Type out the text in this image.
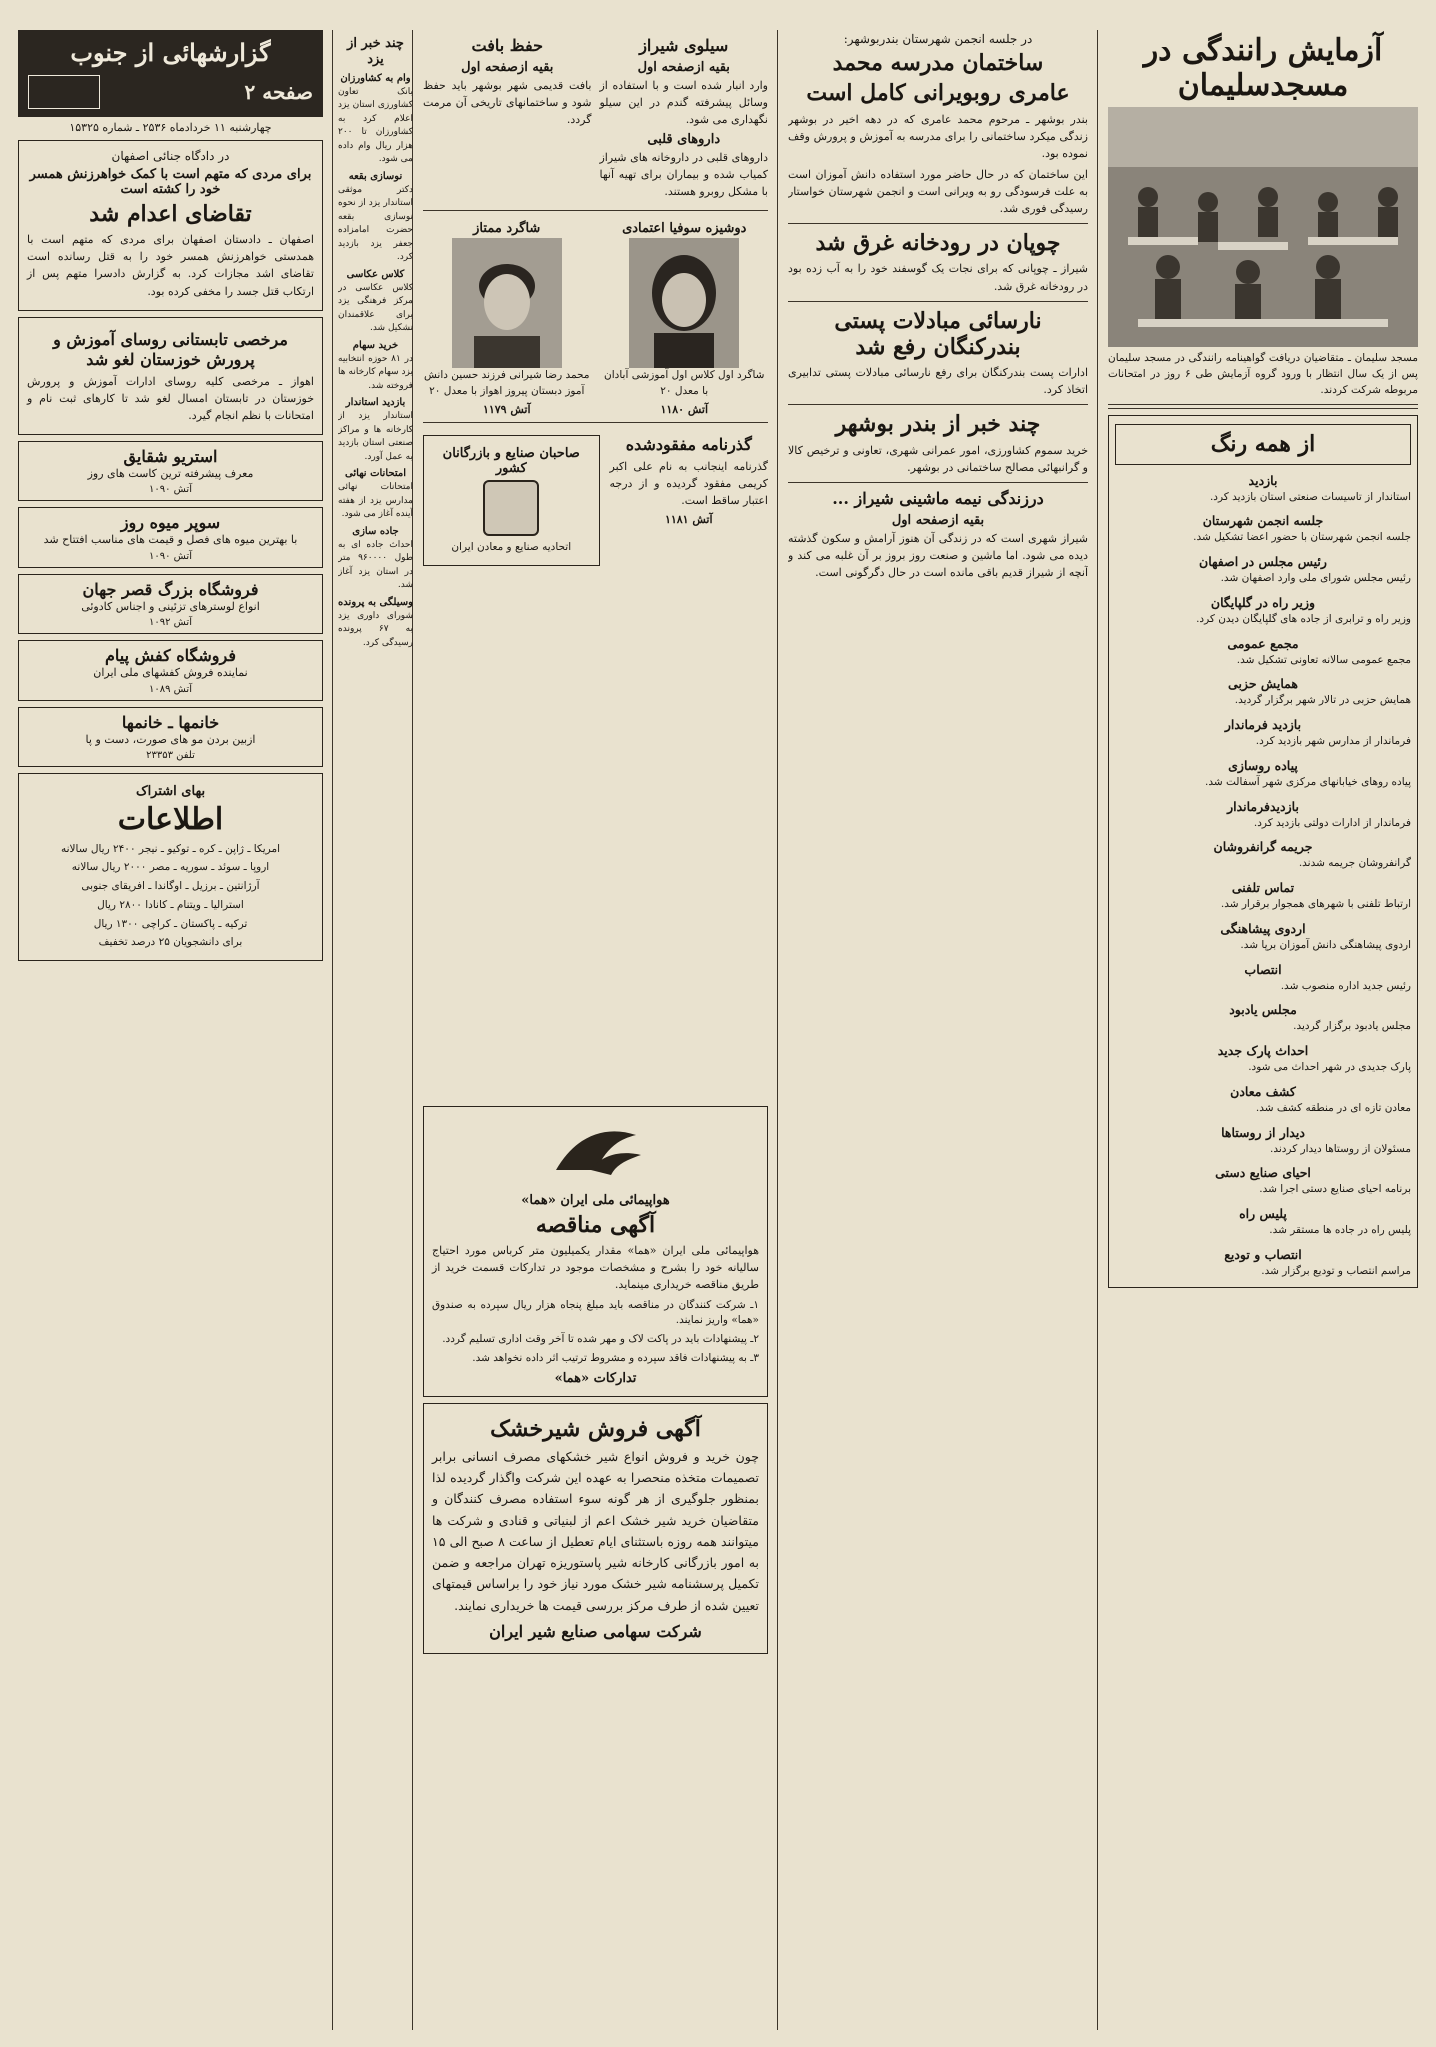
آزمایش رانندگی در مسجدسلیمان

مسجد سلیمان ـ متقاضیان دریافت گواهینامه رانندگی در مسجد سلیمان پس از یک سال انتظار با ورود گروه آزمایش طی ۶ روز در امتحانات مربوطه شرکت کردند.

از همه رنگ
بازدید

استاندار از تاسیسات صنعتی استان بازدید کرد.

جلسه انجمن شهرستان

جلسه انجمن شهرستان با حضور اعضا تشکیل شد.

رئیس مجلس در اصفهان

رئیس مجلس شورای ملی وارد اصفهان شد.

وزیر راه در گلپایگان

وزیر راه و ترابری از جاده های گلپایگان دیدن کرد.

مجمع عمومی

مجمع عمومی سالانه تعاونی تشکیل شد.

همایش حزبی

همایش حزبی در تالار شهر برگزار گردید.

بازدید فرماندار

فرماندار از مدارس شهر بازدید کرد.

پیاده روسازی

پیاده روهای خیابانهای مرکزی شهر آسفالت شد.

بازدیدفرماندار

فرماندار از ادارات دولتی بازدید کرد.

جریمه گرانفروشان

گرانفروشان جریمه شدند.

تماس تلفنی

ارتباط تلفنی با شهرهای همجوار برقرار شد.

اردوی پیشاهنگی

اردوی پیشاهنگی دانش آموزان برپا شد.

انتصاب

رئیس جدید اداره منصوب شد.

مجلس یادبود

مجلس یادبود برگزار گردید.

احداث پارک جدید

پارک جدیدی در شهر احداث می شود.

کشف معادن

معادن تازه ای در منطقه کشف شد.

دیدار از روستاها

مسئولان از روستاها دیدار کردند.

احیای صنایع دستی

برنامه احیای صنایع دستی اجرا شد.

پلیس راه

پلیس راه در جاده ها مستقر شد.

انتصاب و تودیع

مراسم انتصاب و تودیع برگزار شد.

در جلسه انجمن شهرستان بندربوشهر:
ساختمان مدرسه محمد
عامری روبویرانی کامل است

بندر بوشهر ـ مرحوم محمد عامری که در دهه اخیر در بوشهر زندگی میکرد ساختمانی را برای مدرسه به آموزش و پرورش وقف نموده بود.

این ساختمان که در حال حاضر مورد استفاده دانش آموزان است به علت فرسودگی رو به ویرانی است و انجمن شهرستان خواستار رسیدگی فوری شد.

چوپان در رودخانه غرق شد

شیراز ـ چوپانی که برای نجات یک گوسفند خود را به آب زده بود در رودخانه غرق شد.

نارسائی مبادلات پستی بندرکنگان رفع شد

ادارات پست بندرکنگان برای رفع نارسائی مبادلات پستی تدابیری اتخاذ کرد.

چند خبر از بندر بوشهر

خرید سموم کشاورزی، امور عمرانی شهری، تعاونی و ترخیص کالا و گرانبهائی مصالح ساختمانی در بوشهر.

درزندگی نیمه ماشینی شیراز ...
بقیه ازصفحه اول

شیراز شهری است که در زندگی آن هنوز آرامش و سکون گذشته دیده می شود. اما ماشین و صنعت روز بروز بر آن غلبه می کند و آنچه از شیراز قدیم باقی مانده است در حال دگرگونی است.

سیلوی شیراز
بقیه ازصفحه اول

وارد انبار شده است و با استفاده از وسائل پیشرفته گندم در این سیلو نگهداری می شود.

داروهای قلبی

داروهای قلبی در داروخانه های شیراز کمیاب شده و بیماران برای تهیه آنها با مشکل روبرو هستند.

حفظ بافت
بقیه ازصفحه اول

بافت قدیمی شهر بوشهر باید حفظ شود و ساختمانهای تاریخی آن مرمت گردد.

دوشیزه سوفیا اعتمادی

شاگرد اول کلاس اول آموزشی آبادان با معدل ۲۰

آتش ۱۱۸۰
شاگرد ممتاز

محمد رضا شیرانی فرزند حسین دانش آموز دبستان پیروز اهواز با معدل ۲۰

آتش ۱۱۷۹
گذرنامه مفقودشده

گذرنامه اینجانب به نام علی اکبر کریمی مفقود گردیده و از درجه اعتبار ساقط است.

آتش ۱۱۸۱
صاحبان صنایع و بازرگانان کشور

اتحادیه صنایع و معادن ایران

گزارشهائی از جنوب
صفحه ۲
چهارشنبه ۱۱ خردادماه ۲۵۳۶ ـ شماره ۱۵۳۲۵
در دادگاه جنائی اصفهان
برای مردی که متهم است با کمک خواهرزنش همسر خود را کشته است
تقاضای اعدام شد

اصفهان ـ دادستان اصفهان برای مردی که متهم است با همدستی خواهرزنش همسر خود را به قتل رسانده است تقاضای اشد مجازات کرد. به گزارش دادسرا متهم پس از ارتکاب قتل جسد را مخفی کرده بود.

مرخصی تابستانی روسای آموزش و پرورش خوزستان لغو شد

اهواز ـ مرخصی کلیه روسای ادارات آموزش و پرورش خوزستان در تابستان امسال لغو شد تا کارهای ثبت نام و امتحانات با نظم انجام گیرد.

استریو شقایق
معرف پیشرفته ترین کاست های روز
آتش ۱۰۹۰
سوپر میوه روز
با بهترین میوه های فصل و قیمت های مناسب افتتاح شد
آتش ۱۰۹۰
فروشگاه بزرگ قصر جهان
انواع لوسترهای تزئینی و اجناس کادوئی
آتش ۱۰۹۲
فروشگاه کفش پیام
نماینده فروش کفشهای ملی ایران
آتش ۱۰۸۹
خانمها ـ خانمها
ازبین بردن مو های صورت، دست و پا
تلفن ۲۳۳۵۳
بهای اشتراک
اطلاعات
امریکا ـ ژاپن ـ کره ـ توکیو ـ نیجر ۲۴۰۰ ریال سالانه
اروپا ـ سوئد ـ سوریه ـ مصر ۲۰۰۰ ریال سالانه
آرژانتین ـ برزیل ـ اوگاندا ـ افریقای جنوبی
استرالیا ـ ویتنام ـ کانادا ۲۸۰۰ ریال
ترکیه ـ پاکستان ـ کراچی ۱۳۰۰ ریال
برای دانشجویان ۲۵ درصد تخفیف
هواپیمائی ملی ایران «هما»
آگهی مناقصه

هواپیمائی ملی ایران «هما» مقدار یکمیلیون متر کرباس مورد احتیاج سالیانه خود را بشرح و مشخصات موجود در تدارکات قسمت خرید از طریق مناقصه خریداری مینماید.

۱ـ شرکت کنندگان در مناقصه باید مبلغ پنجاه هزار ریال سپرده به صندوق «هما» واریز نمایند.

۲ـ پیشنهادات باید در پاکت لاک و مهر شده تا آخر وقت اداری تسلیم گردد.

۳ـ به پیشنهادات فاقد سپرده و مشروط ترتیب اثر داده نخواهد شد.

تدارکات «هما»
آگهی فروش شیرخشک

چون خرید و فروش انواع شیر خشکهای مصرف انسانی برابر تصمیمات متخذه منحصرا به عهده این شرکت واگذار گردیده لذا بمنظور جلوگیری از هر گونه سوء استفاده مصرف کنندگان و متقاضیان خرید شیر خشک اعم از لبنیاتی و قنادی و شرکت ها میتوانند همه روزه باستثنای ایام تعطیل از ساعت ۸ صبح الی ۱۵ به امور بازرگانی کارخانه شیر پاستوریزه تهران مراجعه و ضمن تکمیل پرسشنامه شیر خشک مورد نیاز خود را براساس قیمتهای تعیین شده از طرف مرکز بررسی قیمت ها خریداری نمایند.

شرکت سهامی صنایع شیر ایران
چند خبر از یزد
وام به کشاورزان

بانک تعاون کشاورزی استان یزد اعلام کرد به کشاورزان تا ۲۰۰ هزار ریال وام داده می شود.

نوسازی بقعه

دکتر موثقی استاندار یزد از نحوه نوسازی بقعه حضرت امامزاده جعفر یزد بازدید کرد.

کلاس عکاسی

کلاس عکاسی در مرکز فرهنگی یزد برای علاقمندان تشکیل شد.

خرید سهام

در ۸۱ حوزه انتخابیه یزد سهام کارخانه ها فروخته شد.

بازدید استاندار

استاندار یزد از کارخانه ها و مراکز صنعتی استان بازدید به عمل آورد.

امتحانات نهائی

امتحانات نهائی مدارس یزد از هفته آینده آغاز می شود.

جاده سازی

احداث جاده ای به طول ۹۶۰۰۰۰ متر در استان یزد آغاز شد.

وسیلگی به پرونده

شورای داوری یزد به ۶۷ پرونده رسیدگی کرد.
